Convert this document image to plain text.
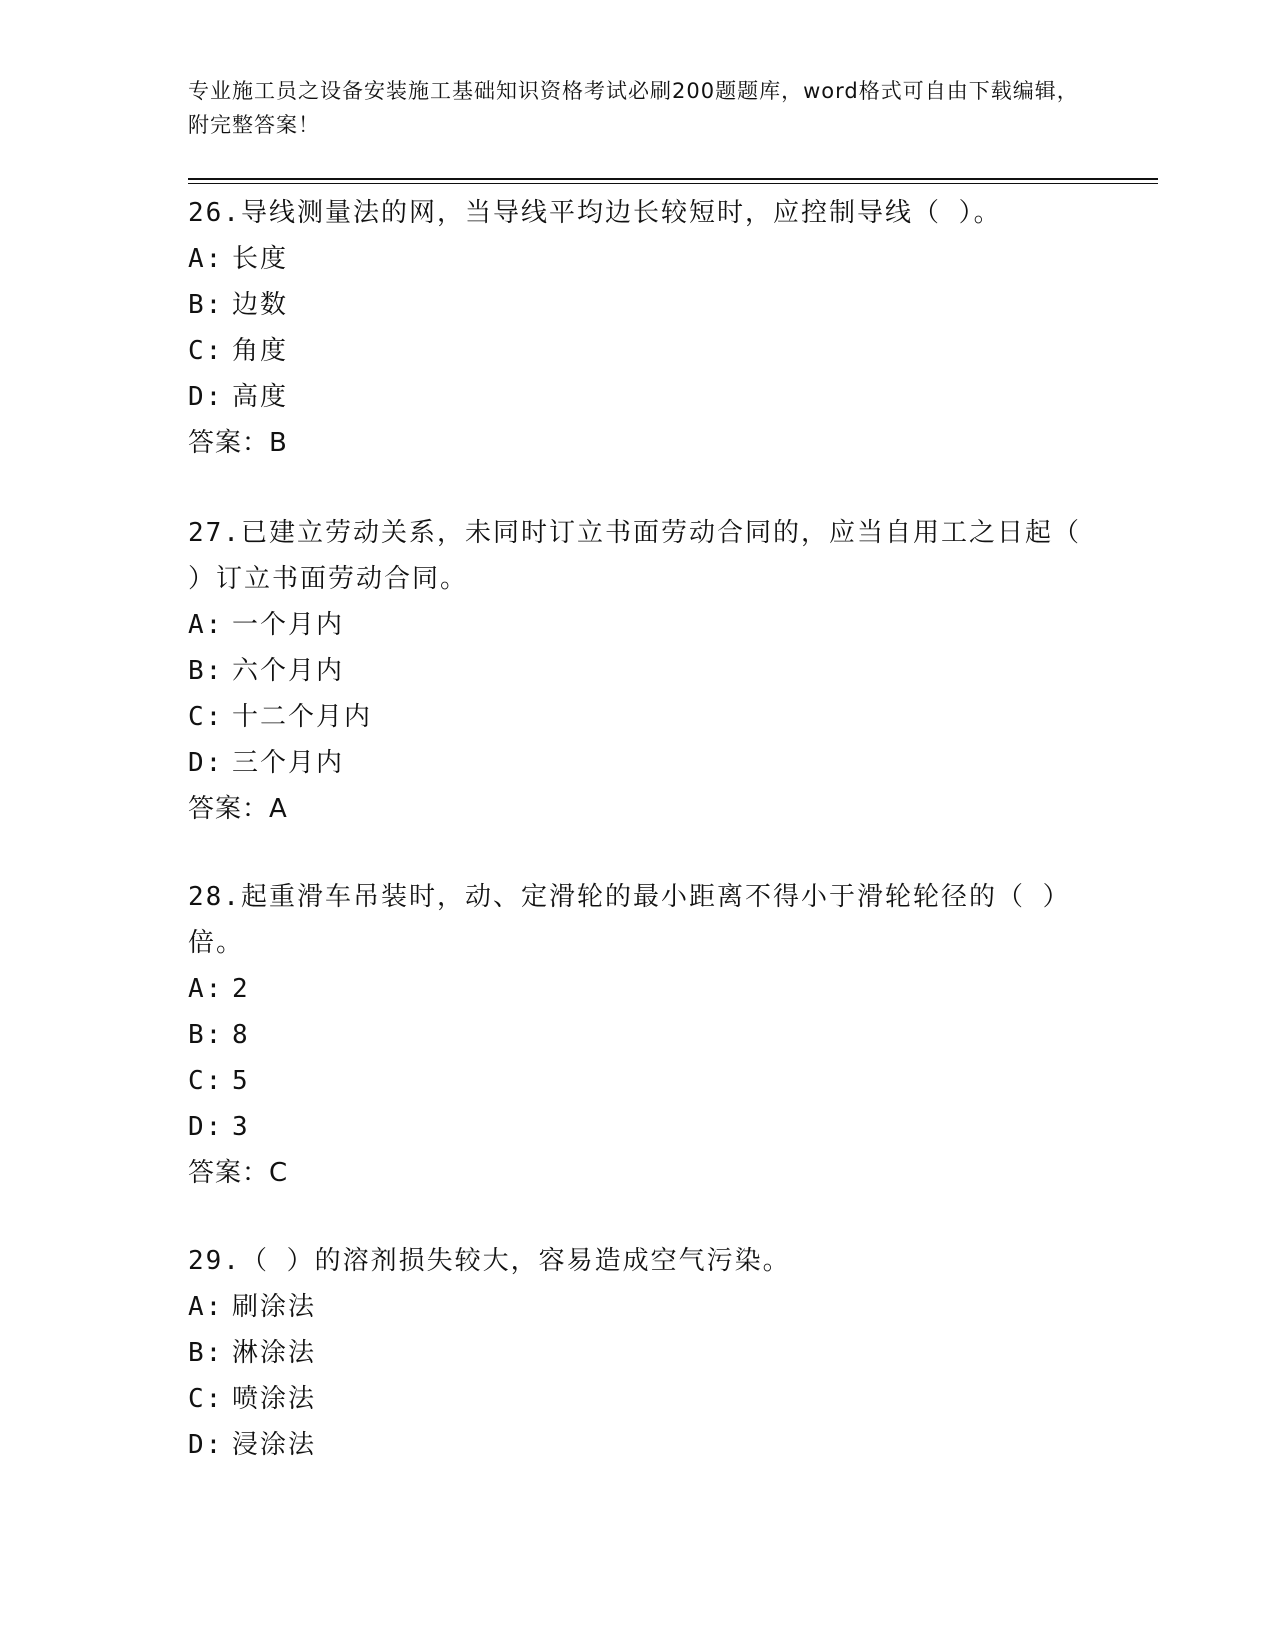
专业施工员之设备安装施工基础知识资格考试必刷200题题库，word格式可自由下载编辑，附完整答案！

26.导线测量法的网，当导线平均边长较短时，应控制导线（ ）。

A: 长度

B: 边数

C: 角度

D: 高度

答案：B

27.已建立劳动关系，未同时订立书面劳动合同的，应当自用工之日起（ ）订立书面劳动合同。

A: 一个月内

B: 六个月内

C: 十二个月内

D: 三个月内

答案：A

28.起重滑车吊装时，动、定滑轮的最小距离不得小于滑轮轮径的（ ）倍。

A: 2

B: 8

C: 5

D: 3

答案：C

29.（ ）的溶剂损失较大，容易造成空气污染。

A: 刷涂法

B: 淋涂法

C: 喷涂法

D: 浸涂法
